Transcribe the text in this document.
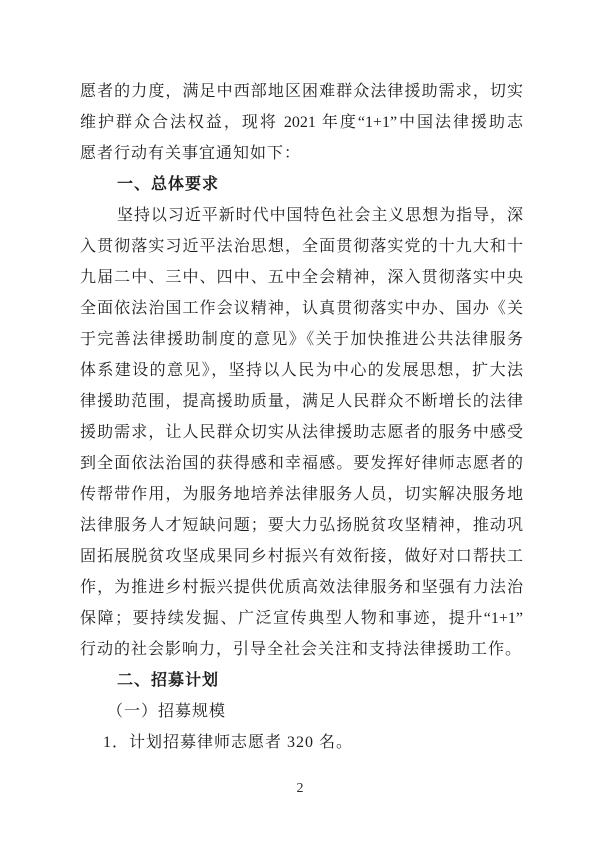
愿者的力度，满足中西部地区困难群众法律援助需求，切实
维护群众合法权益，现将 2021 年度“1+1”中国法律援助志
愿者行动有关事宜通知如下：
一、总体要求
坚持以习近平新时代中国特色社会主义思想为指导，深
入贯彻落实习近平法治思想，全面贯彻落实党的十九大和十
九届二中、三中、四中、五中全会精神，深入贯彻落实中央
全面依法治国工作会议精神，认真贯彻落实中办、国办《关
于完善法律援助制度的意见》《关于加快推进公共法律服务
体系建设的意见》，坚持以人民为中心的发展思想，扩大法
律援助范围，提高援助质量，满足人民群众不断增长的法律
援助需求，让人民群众切实从法律援助志愿者的服务中感受
到全面依法治国的获得感和幸福感。要发挥好律师志愿者的
传帮带作用，为服务地培养法律服务人员，切实解决服务地
法律服务人才短缺问题；要大力弘扬脱贫攻坚精神，推动巩
固拓展脱贫攻坚成果同乡村振兴有效衔接，做好对口帮扶工
作，为推进乡村振兴提供优质高效法律服务和坚强有力法治
保障；要持续发掘、广泛宣传典型人物和事迹，提升“1+1”
行动的社会影响力，引导全社会关注和支持法律援助工作。
二、招募计划
（一）招募规模
1．计划招募律师志愿者 320 名。
2
